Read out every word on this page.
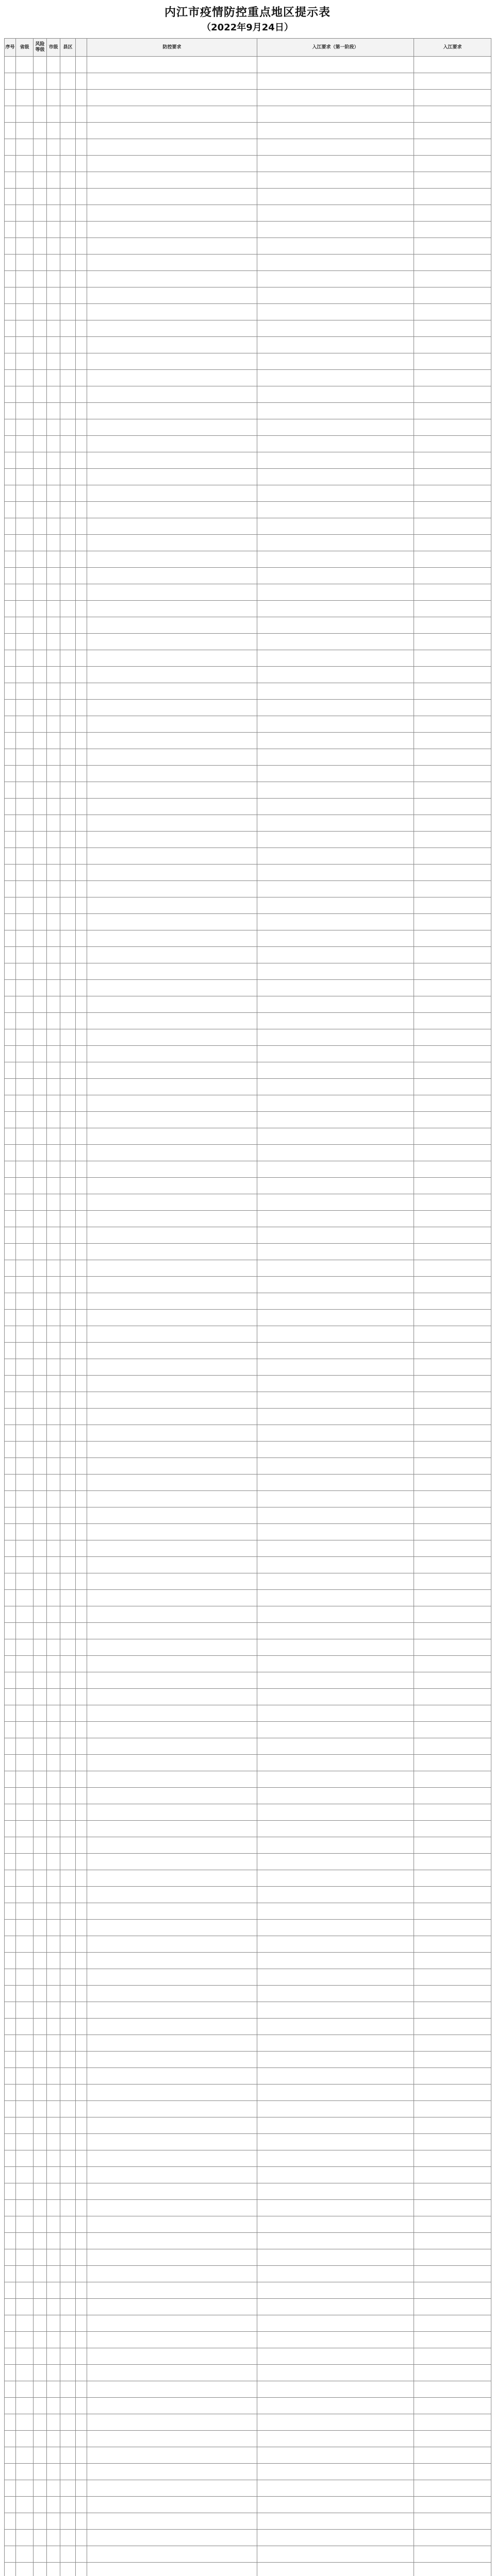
内江市疫情防控重点地区提示表
（2022年9月24日）
序号	省级	风险等级	市级	县区		防控要求	入江要求（第一阶段）	入江要求
